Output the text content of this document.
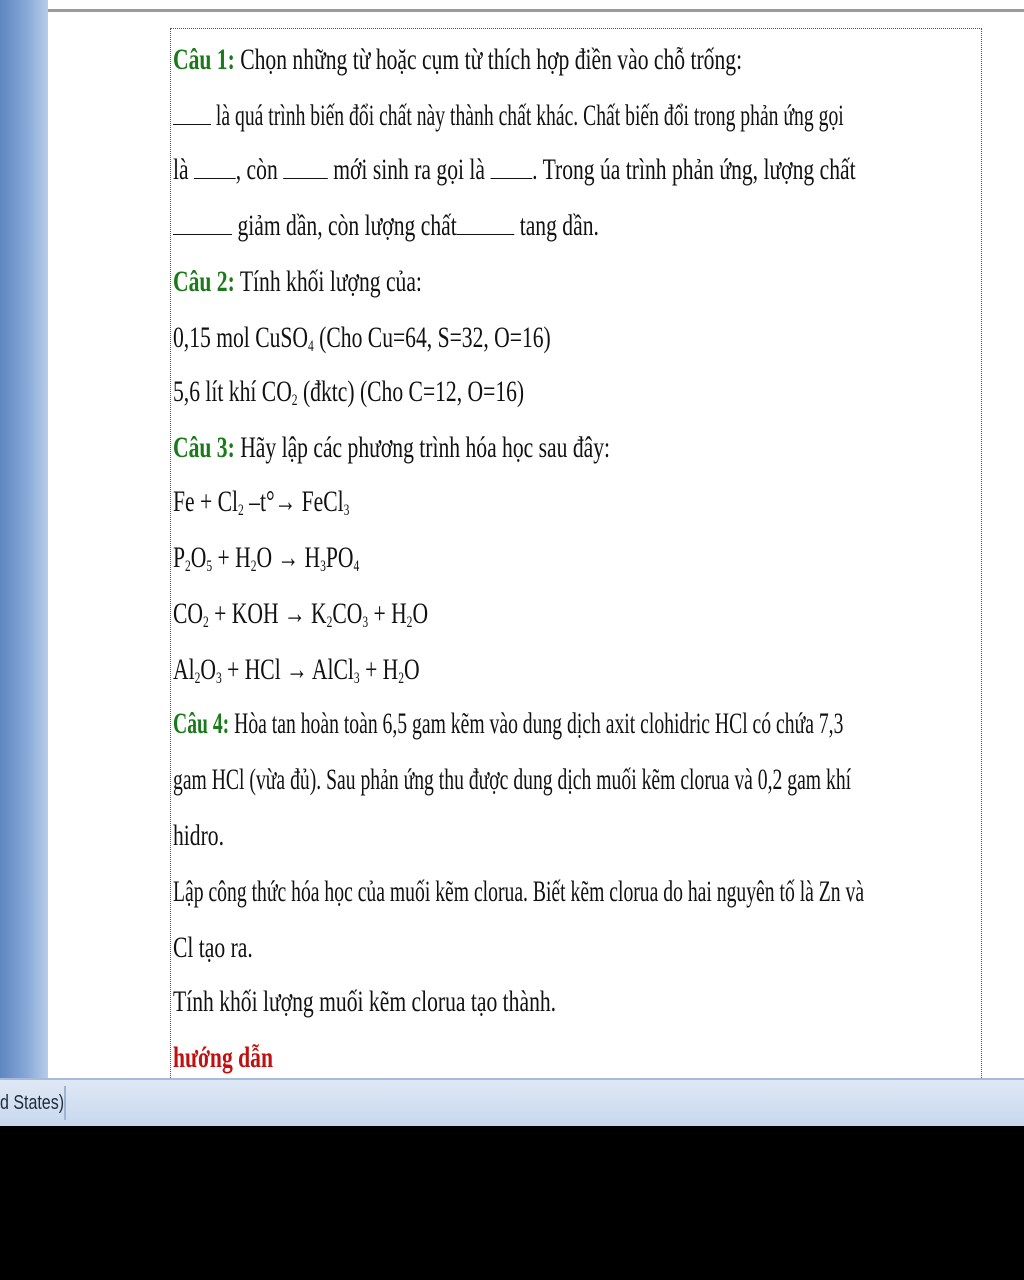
Câu 1: Chọn những từ hoặc cụm từ thích hợp điền vào chỗ trống:
là quá trình biến đổi chất này thành chất khác. Chất biến đổi trong phản ứng gọi
là , còn  mới sinh ra gọi là . Trong úa trình phản ứng, lượng chất
giảm dần, còn lượng chất tang dần.
Câu 2: Tính khối lượng của:
0,15 mol CuSO$_4$ (Cho Cu=64, S=32, O=16)
5,6 lít khí $CO_2$ (đktc) (Cho C=12, O=16)
Câu 3: Hãy lập các phương trình hóa học sau đây:
$Fe + Cl_2$ –t°→ FeCl$_3$
$P_2O_5 + H_2O \to H_3PO_4$
$CO_2$ + KOH → $K_2CO_3 + H_2O$
$Al_2O_3$ + HCl → AlCl$_3$ + $H_2O$
Câu 4: Hòa tan hoàn toàn 6,5 gam kẽm vào dung dịch axit clohidric HCl có chứa 7,3
gam HCl (vừa đủ). Sau phản ứng thu được dung dịch muối kẽm clorua và 0,2 gam khí
hidro.
Lập công thức hóa học của muối kẽm clorua. Biết kẽm clorua do hai nguyên tố là Zn và
Cl tạo ra.
Tính khối lượng muối kẽm clorua tạo thành.
hướng dẫn
d States)
